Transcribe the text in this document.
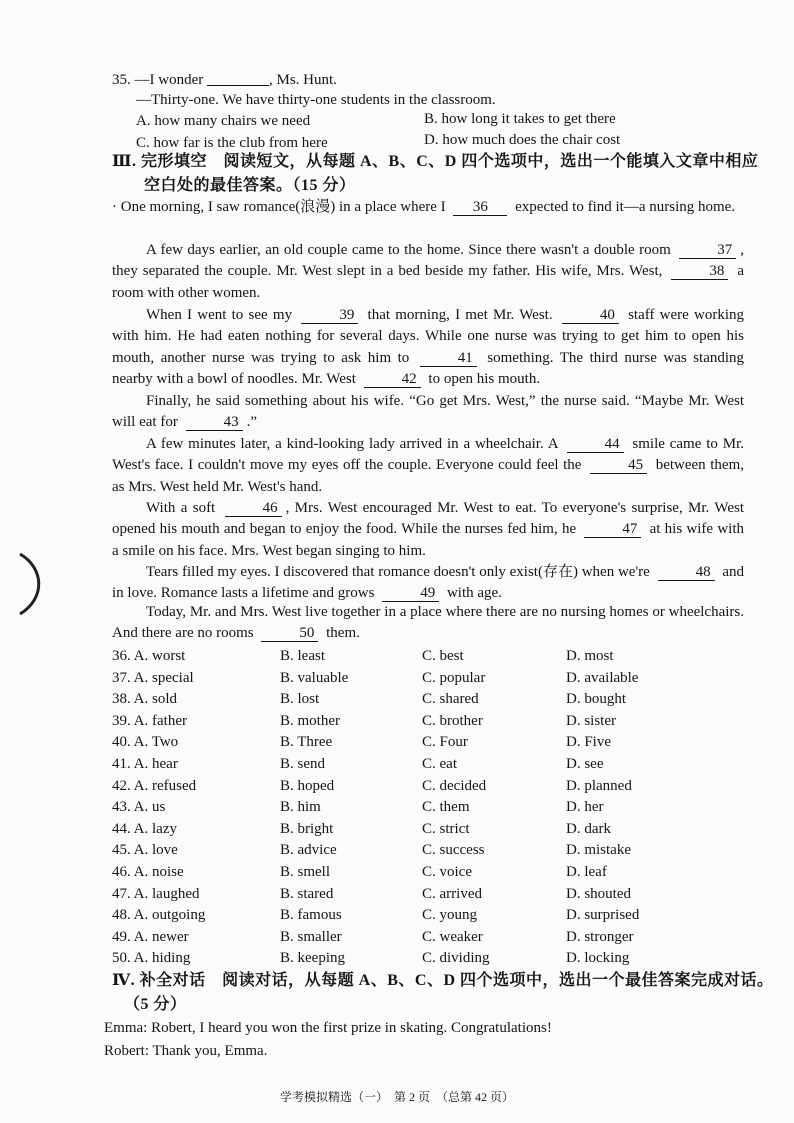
35. —I wonder	, Ms. Hunt.
—Thirty-one. We have thirty-one students in the classroom.
A. how many chairs we need	B. how long it takes to get there
C. how far is the club from here	D. how much does the chair cost
Ⅲ. 完形填空　阅读短文，从每题 A、B、C、D 四个选项中，选出一个能填入文章中相应
空白处的最佳答案。（15 分）
· One morning, I saw romance(浪漫) in a place where I 36 expected to find it—a nursing home.
A few days earlier, an old couple came to the home. Since there wasn't a double room	37 , they separated the couple. Mr. West slept in a bed beside my father. His wife, Mrs. West,	38 a room with other women.
When I went to see my	39 that morning, I met Mr. West.	40 staff were working with him. He had eaten nothing for several days. While one nurse was trying to get him to open his mouth, another nurse was trying to ask him to	41 something. The third nurse was standing nearby with a bowl of noodles. Mr. West	42 to open his mouth.
Finally, he said something about his wife. “Go get Mrs. West,” the nurse said. “Maybe Mr. West will eat for	43 .”
A few minutes later, a kind-looking lady arrived in a wheelchair. A	44 smile came to Mr. West's face. I couldn't move my eyes off the couple. Everyone could feel the	45 between them, as Mrs. West held Mr. West's hand.
With a soft	46 , Mrs. West encouraged Mr. West to eat. To everyone's surprise, Mr. West opened his mouth and began to enjoy the food. While the nurses fed him, he	47 at his wife with a smile on his face. Mrs. West began singing to him.
Tears filled my eyes. I discovered that romance doesn't only exist(存在) when we're	48 and in love. Romance lasts a lifetime and grows	49 with age.
Today, Mr. and Mrs. West live together in a place where there are no nursing homes or wheelchairs. And there are no rooms	50 them.
36. A. worst	B. least	C. best	D. most
37. A. special	B. valuable	C. popular	D. available
38. A. sold	B. lost	C. shared	D. bought
39. A. father	B. mother	C. brother	D. sister
40. A. Two	B. Three	C. Four	D. Five
41. A. hear	B. send	C. eat	D. see
42. A. refused	B. hoped	C. decided	D. planned
43. A. us	B. him	C. them	D. her
44. A. lazy	B. bright	C. strict	D. dark
45. A. love	B. advice	C. success	D. mistake
46. A. noise	B. smell	C. voice	D. leaf
47. A. laughed	B. stared	C. arrived	D. shouted
48. A. outgoing	B. famous	C. young	D. surprised
49. A. newer	B. smaller	C. weaker	D. stronger
50. A. hiding	B. keeping	C. dividing	D. locking
Ⅳ. 补全对话　阅读对话，从每题 A、B、C、D 四个选项中，选出一个最佳答案完成对话。
（5 分）
Emma: Robert, I heard you won the first prize in skating. Congratulations!
Robert: Thank you, Emma.
学考模拟精选（一）　第 2 页　（总第 42 页）
